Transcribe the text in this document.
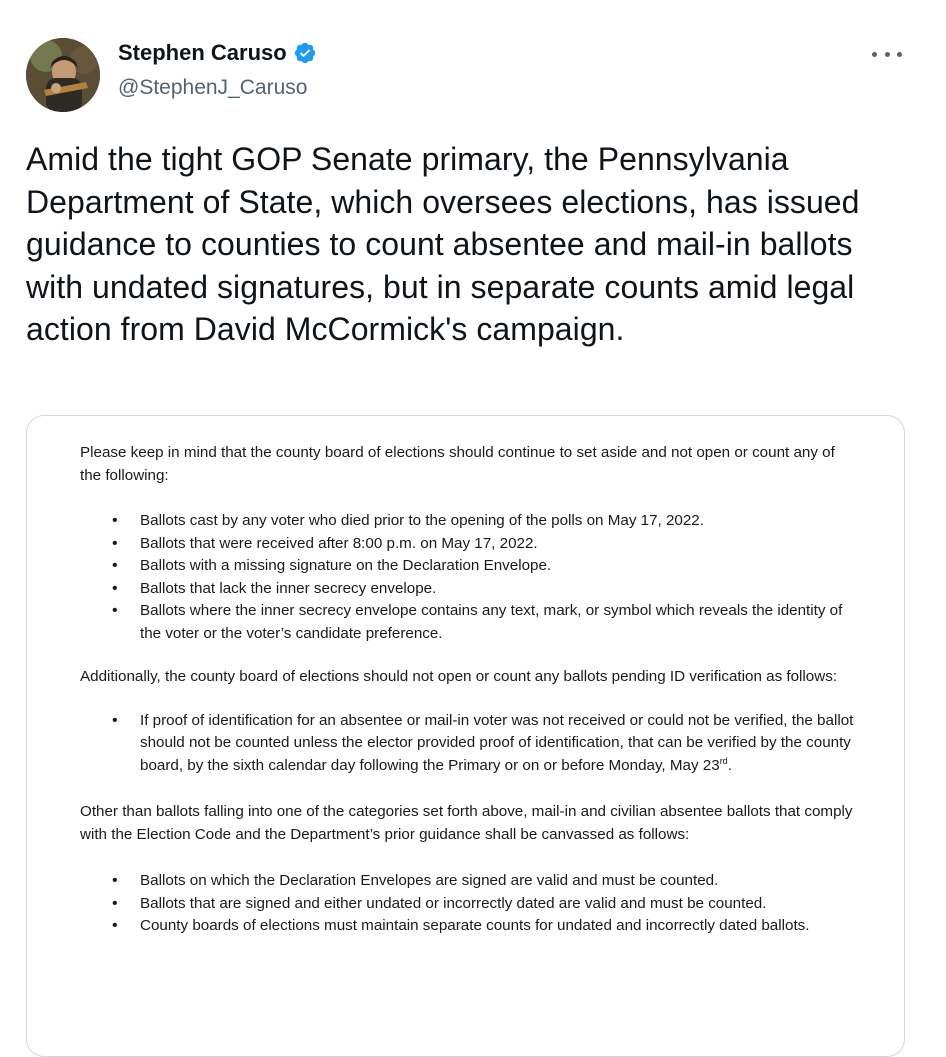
Stephen Caruso
@StephenJ_Caruso
Amid the tight GOP Senate primary, the Pennsylvania Department of State, which oversees elections, has issued guidance to counties to count absentee and mail-in ballots with undated signatures, but in separate counts amid legal action from David McCormick's campaign.

Please keep in mind that the county board of elections should continue to set aside and not open or count any of the following:

• Ballots cast by any voter who died prior to the opening of the polls on May 17, 2022.
• Ballots that were received after 8:00 p.m. on May 17, 2022.
• Ballots with a missing signature on the Declaration Envelope.
• Ballots that lack the inner secrecy envelope.
• Ballots where the inner secrecy envelope contains any text, mark, or symbol which reveals the identity of the voter or the voter’s candidate preference.

Additionally, the county board of elections should not open or count any ballots pending ID verification as follows:

• If proof of identification for an absentee or mail-in voter was not received or could not be verified, the ballot should not be counted unless the elector provided proof of identification, that can be verified by the county board, by the sixth calendar day following the Primary or on or before Monday, May 23rd.

Other than ballots falling into one of the categories set forth above, mail-in and civilian absentee ballots that comply with the Election Code and the Department’s prior guidance shall be canvassed as follows:

• Ballots on which the Declaration Envelopes are signed are valid and must be counted.
• Ballots that are signed and either undated or incorrectly dated are valid and must be counted.
• County boards of elections must maintain separate counts for undated and incorrectly dated ballots.
